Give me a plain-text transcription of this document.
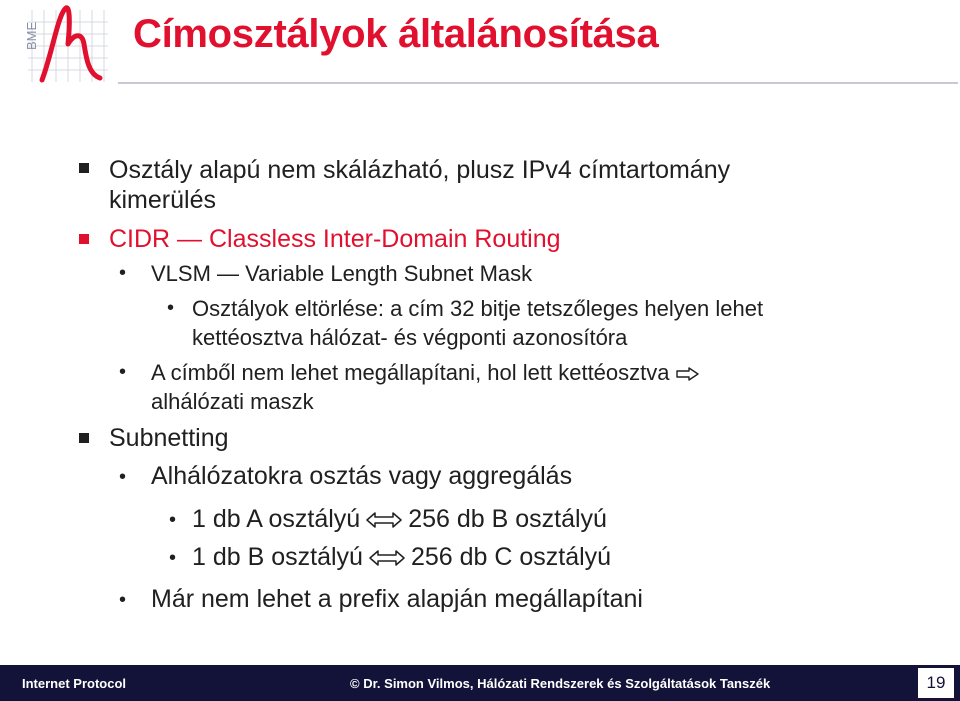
BME Címosztályok általánosítása
Osztály alapú nem skálázható, plusz IPv4 címtartomány
kimerülés
CIDR — Classless Inter-Domain Routing
• VLSM — Variable Length Subnet Mask
• Osztályok eltörlése: a cím 32 bitje tetszőleges helyen lehet
kettéosztva hálózat- és végponti azonosítóra
• A címből nem lehet megállapítani, hol lett kettéosztva
alhálózati maszk
Subnetting
• Alhálózatokra osztás vagy aggregálás
• 1 db A osztályú 256 db B osztályú
• 1 db B osztályú 256 db C osztályú
• Már nem lehet a prefix alapján megállapítani
Internet Protocol	© Dr. Simon Vilmos, Hálózati Rendszerek és Szolgáltatások Tanszék	19
